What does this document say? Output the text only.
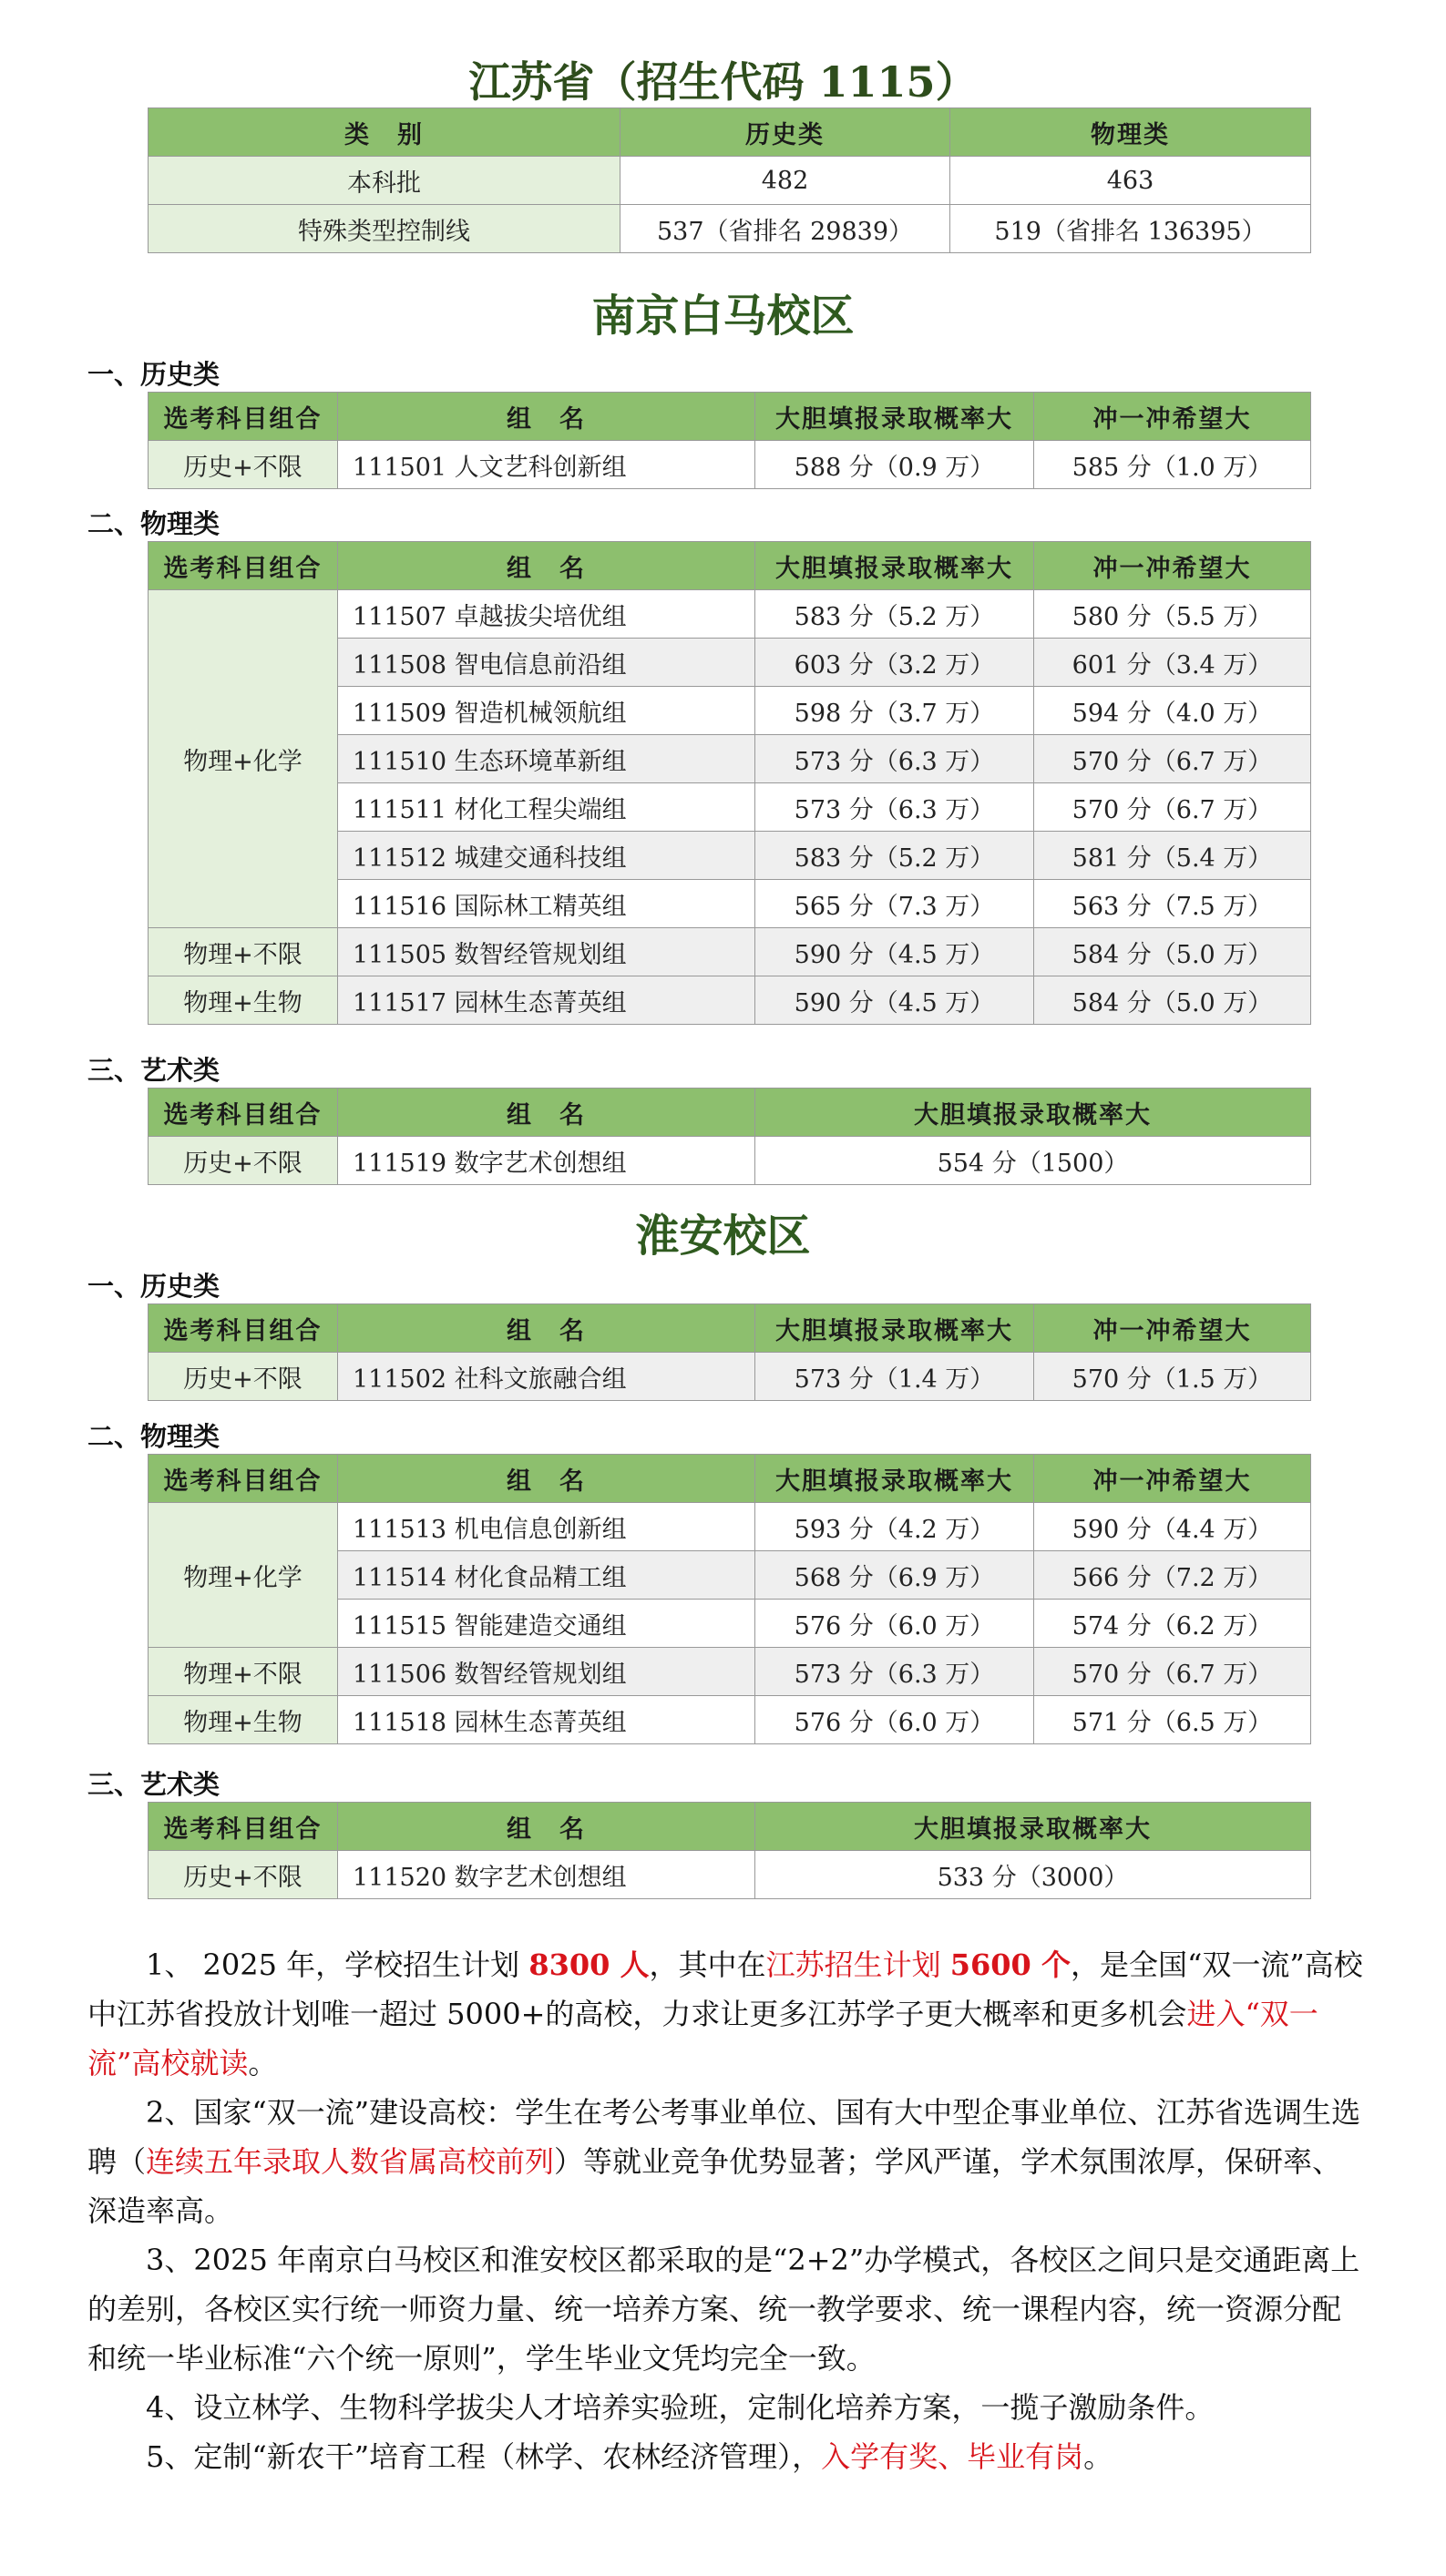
江苏省（招生代码 1115）
类　别	历史类	物理类
本科批	482	463
特殊类型控制线	537（省排名 29839）	519（省排名 136395）
南京白马校区
一、历史类
选考科目组合	组　名	大胆填报录取概率大	冲一冲希望大
历史+不限	111501 人文艺科创新组	588 分（0.9 万）	585 分（1.0 万）
二、物理类
选考科目组合	组　名	大胆填报录取概率大	冲一冲希望大
物理+化学	111507 卓越拔尖培优组	583 分（5.2 万）	580 分（5.5 万）
	111508 智电信息前沿组	603 分（3.2 万）	601 分（3.4 万）
	111509 智造机械领航组	598 分（3.7 万）	594 分（4.0 万）
	111510 生态环境革新组	573 分（6.3 万）	570 分（6.7 万）
	111511 材化工程尖端组	573 分（6.3 万）	570 分（6.7 万）
	111512 城建交通科技组	583 分（5.2 万）	581 分（5.4 万）
	111516 国际林工精英组	565 分（7.3 万）	563 分（7.5 万）
物理+不限	111505 数智经管规划组	590 分（4.5 万）	584 分（5.0 万）
物理+生物	111517 园林生态菁英组	590 分（4.5 万）	584 分（5.0 万）
三、艺术类
选考科目组合	组　名	大胆填报录取概率大
历史+不限	111519 数字艺术创想组	554 分（1500）
淮安校区
一、历史类
选考科目组合	组　名	大胆填报录取概率大	冲一冲希望大
历史+不限	111502 社科文旅融合组	573 分（1.4 万）	570 分（1.5 万）
二、物理类
选考科目组合	组　名	大胆填报录取概率大	冲一冲希望大
物理+化学	111513 机电信息创新组	593 分（4.2 万）	590 分（4.4 万）
	111514 材化食品精工组	568 分（6.9 万）	566 分（7.2 万）
	111515 智能建造交通组	576 分（6.0 万）	574 分（6.2 万）
物理+不限	111506 数智经管规划组	573 分（6.3 万）	570 分（6.7 万）
物理+生物	111518 园林生态菁英组	576 分（6.0 万）	571 分（6.5 万）
三、艺术类
选考科目组合	组　名	大胆填报录取概率大
历史+不限	111520 数字艺术创想组	533 分（3000）

1、 2025 年，学校招生计划 8300 人，其中在江苏招生计划 5600 个，是全国“双一流”高校中江苏省投放计划唯一超过 5000+的高校，力求让更多江苏学子更大概率和更多机会进入“双一流”高校就读。

2、国家“双一流”建设高校：学生在考公考事业单位、国有大中型企事业单位、江苏省选调生选聘（连续五年录取人数省属高校前列）等就业竞争优势显著；学风严谨，学术氛围浓厚，保研率、深造率高。

3、2025 年南京白马校区和淮安校区都采取的是“2+2”办学模式，各校区之间只是交通距离上的差别，各校区实行统一师资力量、统一培养方案、统一教学要求、统一课程内容，统一资源分配和统一毕业标准“六个统一原则”，学生毕业文凭均完全一致。

4、设立林学、生物科学拔尖人才培养实验班，定制化培养方案，一揽子激励条件。

5、定制“新农干”培育工程（林学、农林经济管理），入学有奖、毕业有岗。
